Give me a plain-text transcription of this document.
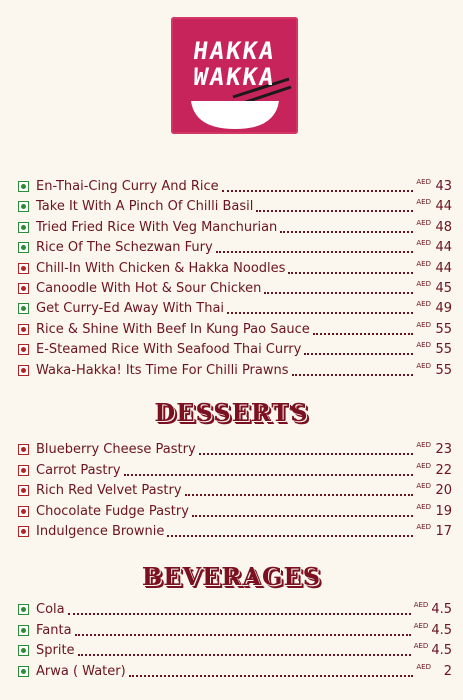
HAKKA
WAKKA
En-Thai-Cing Curry And Rice	AED 43
Take It With A Pinch Of Chilli Basil	AED 44
Tried Fried Rice With Veg Manchurian	AED 48
Rice Of The Schezwan Fury	AED 44
Chill-In With Chicken & Hakka Noodles	AED 44
Canoodle With Hot & Sour Chicken	AED 45
Get Curry-Ed Away With Thai	AED 49
Rice & Shine With Beef In Kung Pao Sauce	AED 55
E-Steamed Rice With Seafood Thai Curry	AED 55
Waka-Hakka! Its Time For Chilli Prawns	AED 55
DESSERTS
Blueberry Cheese Pastry	AED 23
Carrot Pastry	AED 22
Rich Red Velvet Pastry	AED 20
Chocolate Fudge Pastry	AED 19
Indulgence Brownie	AED 17
BEVERAGES
Cola	AED 4.5
Fanta	AED 4.5
Sprite	AED 4.5
Arwa ( Water)	AED 2
